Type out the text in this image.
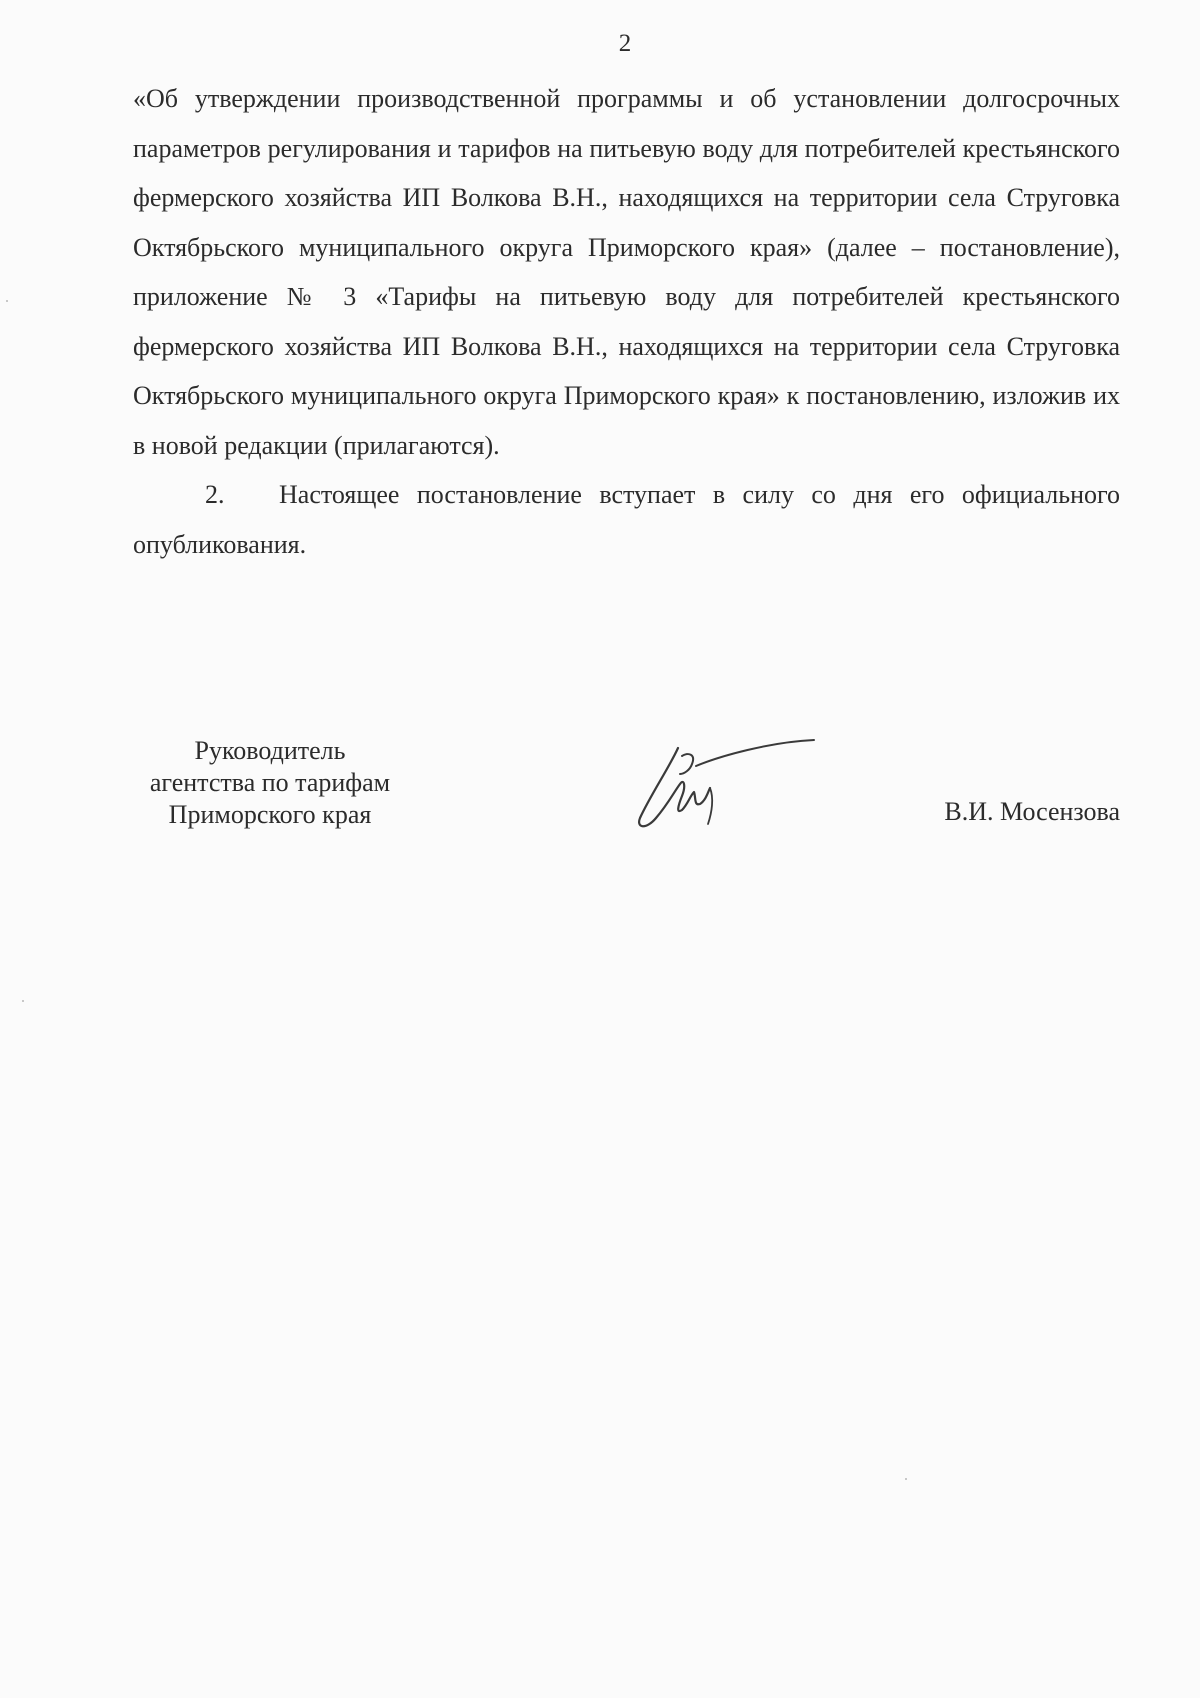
2

«Об утверждении производственной программы и об установлении долгосрочных параметров регулирования и тарифов на питьевую воду для потребителей крестьянского фермерского хозяйства ИП Волкова В.Н., находящихся на территории села Струговка Октябрьского муниципального округа Приморского края» (далее – постановление), приложение № 3 «Тарифы на питьевую воду для потребителей крестьянского фермерского хозяйства ИП Волкова В.Н., находящихся на территории села Струговка Октябрьского муниципального округа Приморского края» к постановлению, изложив их в новой редакции (прилагаются).

2. Настоящее постановление вступает в силу со дня его официального опубликования.

Руководитель
агентства по тарифам
Приморского края	В.И. Мосензова
